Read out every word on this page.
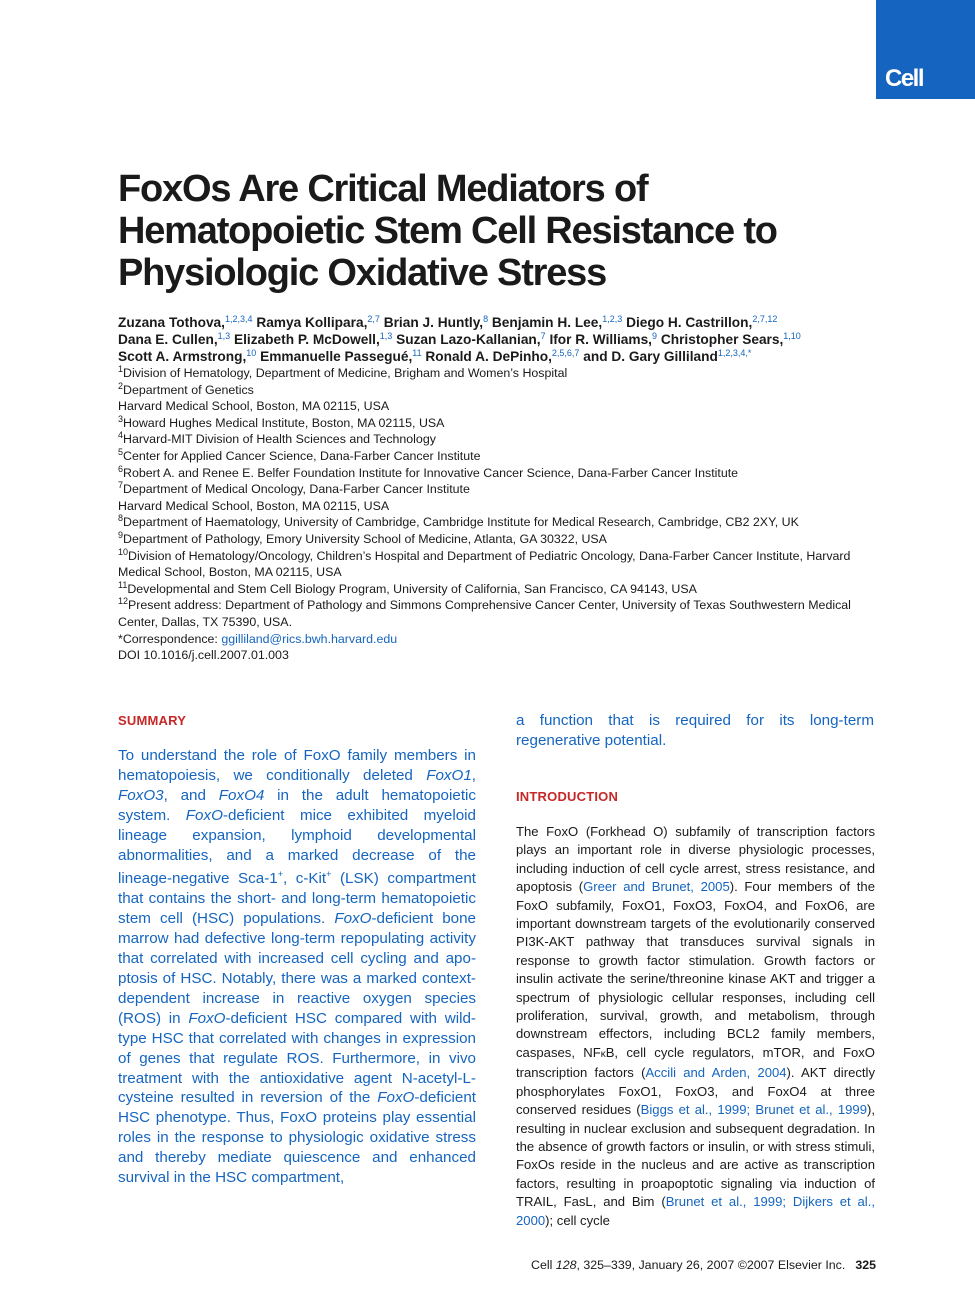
Cell
FoxOs Are Critical Mediators of Hematopoietic Stem Cell Resistance to Physiologic Oxidative Stress
Zuzana Tothova,$^{1,2,3,4}$ Ramya Kollipara,$^{2,7}$ Brian J. Huntly,$^8$ Benjamin H. Lee,$^{1,2,3}$ Diego H. Castrillon,$^{2,7,12}$
Dana E. Cullen,$^{1,3}$ Elizabeth P. McDowell,$^{1,3}$ Suzan Lazo-Kallanian,$^7$ Ifor R. Williams,$^9$ Christopher Sears,$^{1,10}$
Scott A. Armstrong,$^{10}$ Emmanuelle Passegué,$^{11}$ Ronald A. DePinho,$^{2,5,6,7}$ and D. Gary Gilliland$^{1,2,3,4,*}$

$^1$Division of Hematology, Department of Medicine, Brigham and Women’s Hospital

$^2$Department of Genetics

Harvard Medical School, Boston, MA 02115, USA

$^3$Howard Hughes Medical Institute, Boston, MA 02115, USA

$^4$Harvard-MIT Division of Health Sciences and Technology

$^5$Center for Applied Cancer Science, Dana-Farber Cancer Institute

$^6$Robert A. and Renee E. Belfer Foundation Institute for Innovative Cancer Science, Dana-Farber Cancer Institute

$^7$Department of Medical Oncology, Dana-Farber Cancer Institute

Harvard Medical School, Boston, MA 02115, USA

$^8$Department of Haematology, University of Cambridge, Cambridge Institute for Medical Research, Cambridge, CB2 2XY, UK

$^9$Department of Pathology, Emory University School of Medicine, Atlanta, GA 30322, USA

$^{10}$Division of Hematology/Oncology, Children’s Hospital and Department of Pediatric Oncology, Dana-Farber Cancer Institute, Harvard Medical School, Boston, MA 02115, USA

$^{11}$Developmental and Stem Cell Biology Program, University of California, San Francisco, CA 94143, USA

$^{12}$Present address: Department of Pathology and Simmons Comprehensive Cancer Center, University of Texas Southwestern Medical Center, Dallas, TX 75390, USA.

*Correspondence: ggilliland@rics.bwh.harvard.edu

DOI 10.1016/j.cell.2007.01.003

SUMMARY

To understand the role of FoxO family members in hematopoiesis, we conditionally deleted FoxO1, FoxO3, and FoxO4 in the adult hematopoietic system. FoxO-deficient mice exhibited myeloid lineage expansion, lymphoid developmental abnormalities, and a marked decrease of the lineage-negative Sca-1+, c-Kit+ (LSK) compartment that contains the short- and long-term hematopoietic stem cell (HSC) populations. FoxO-deficient bone marrow had defective long-term repopulating activity that correlated with increased cell cycling and apoptosis of HSC. Notably, there was a marked context-dependent increase in reactive oxygen species (ROS) in FoxO-deficient HSC compared with wild-type HSC that correlated with changes in expression of genes that regulate ROS. Furthermore, in vivo treatment with the antioxidative agent N-acetyl-L-cysteine resulted in reversion of the FoxO-deficient HSC phenotype. Thus, FoxO proteins play essential roles in the response to physiologic oxidative stress and thereby mediate quiescence and enhanced survival in the HSC compartment,

a function that is required for its long-term regenerative potential.

INTRODUCTION

The FoxO (Forkhead O) subfamily of transcription factors plays an important role in diverse physiologic processes, including induction of cell cycle arrest, stress resistance, and apoptosis (Greer and Brunet, 2005). Four members of the FoxO subfamily, FoxO1, FoxO3, FoxO4, and FoxO6, are important downstream targets of the evolutionarily conserved PI3K-AKT pathway that transduces survival signals in response to growth factor stimulation. Growth factors or insulin activate the serine/threonine kinase AKT and trigger a spectrum of physiologic cellular responses, including cell proliferation, survival, growth, and metabolism, through downstream effectors, including BCL2 family members, caspases, NFκB, cell cycle regulators, mTOR, and FoxO transcription factors (Accili and Arden, 2004). AKT directly phosphorylates FoxO1, FoxO3, and FoxO4 at three conserved residues (Biggs et al., 1999; Brunet et al., 1999), resulting in nuclear exclusion and subsequent degradation. In the absence of growth factors or insulin, or with stress stimuli, FoxOs reside in the nucleus and are active as transcription factors, resulting in proapoptotic signaling via induction of TRAIL, FasL, and Bim (Brunet et al., 1999; Dijkers et al., 2000); cell cycle

Cell 128, 325–339, January 26, 2007 ©2007 Elsevier Inc. 325
